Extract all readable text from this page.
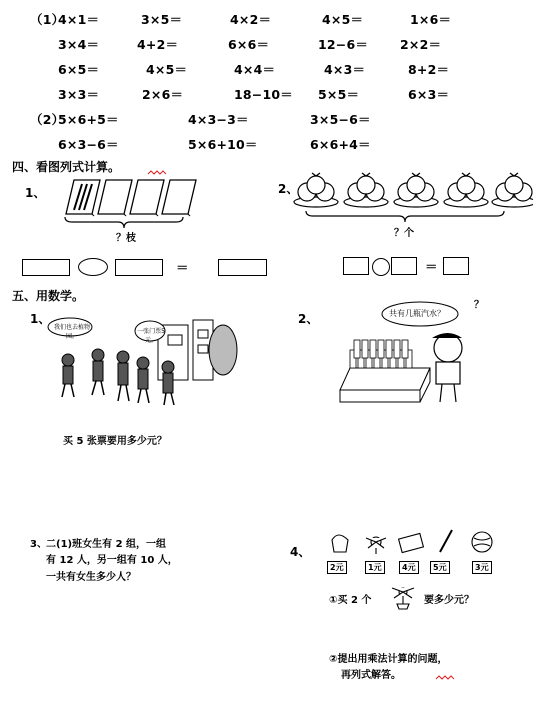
（1）
4×1＝	3×5＝	4×2＝	4×5＝	1×6＝
3×4＝	4+2＝	6×6＝	12−6＝	2×2＝
6×5＝	4×5＝	4×4＝	4×3＝	8+2＝
3×3＝	2×6＝	18−10＝ 5×5＝	6×3＝
（2）
5×6+5＝	4×3−3＝	3×5−6＝
6×3−6＝	5×6+10＝	6×6+4＝
四、看图列式计算。
1、
？枝
2、
？个
＝	＝
五、用数学。
1、
我们也去植物园。
一张门票5元。
买 5 张票要用多少元？
2、	共有几瓶汽水？
？
3、 二(1)班女生有 2 组，一组
有 12 人，另一组有 10 人，
一共有女生多少人？
4、
2元	1元	4元	5元	3元
①买 2 个	要多少元？
②提出用乘法计算的问题，
再列式解答。
